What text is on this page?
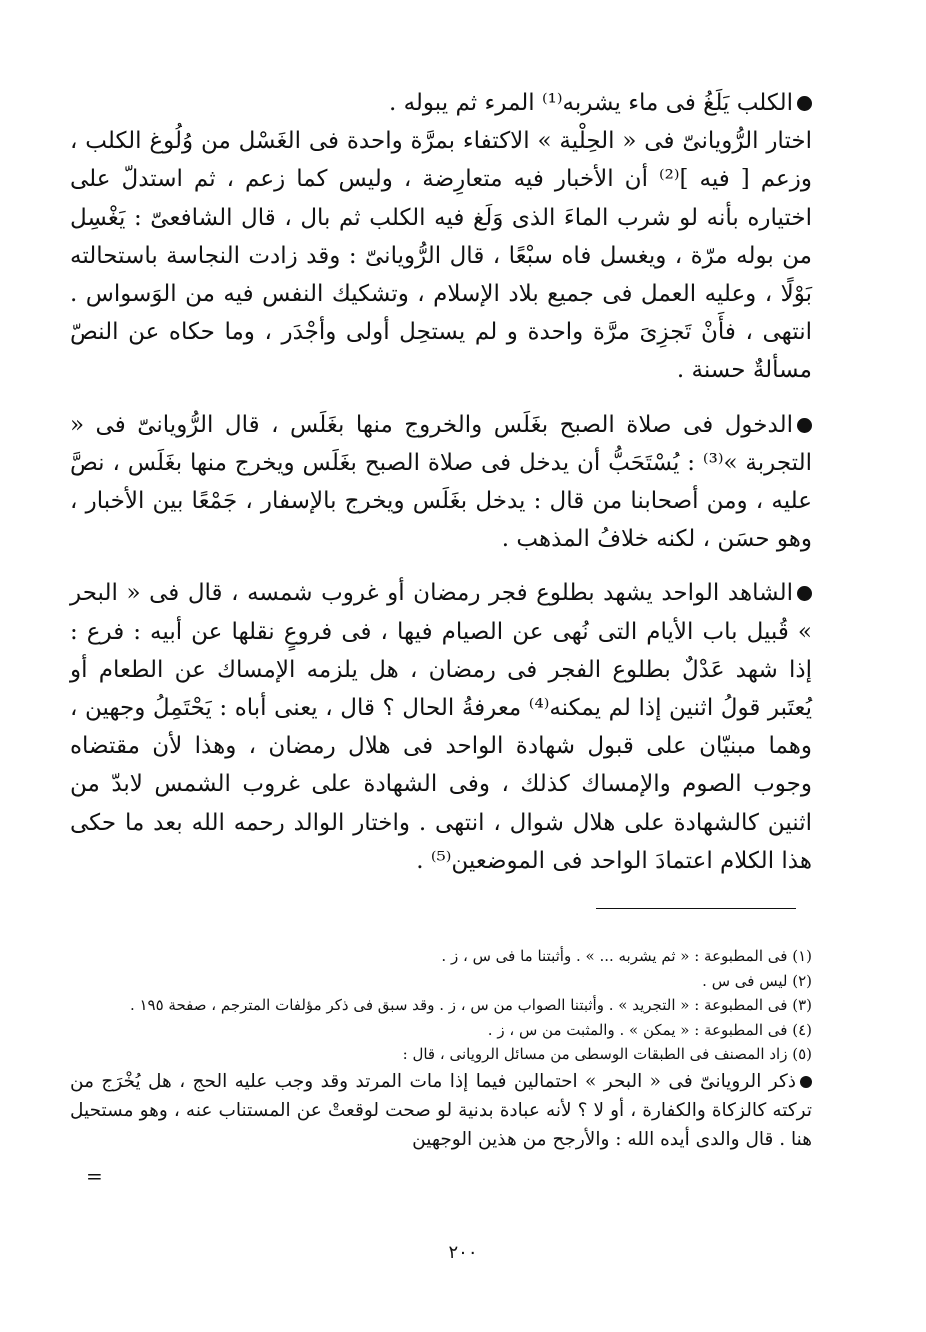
الكلب يَلَغُ فى ماء يشربه⁽¹⁾ المرء ثم يبوله .

اختار الرُّويانىّ فى « الحِلْية » الاكتفاء بمرَّة واحدة فى الغَسْل من وُلُوغ الكلب ، وزعم [ فيه ]⁽²⁾ أن الأخبار فيه متعارِضة ، وليس كما زعم ، ثم استدلّ على اختياره بأنه لو شرب الماءَ الذى وَلَغ فيه الكلب ثم بال ، قال الشافعىّ : يَغْسِل من بوله مرّة ، ويغسل فاه سبْعًا ، قال الرُّويانىّ : وقد زادت النجاسة باستحالته بَوْلًا ، وعليه العمل فى جميع بلاد الإسلام ، وتشكيك النفس فيه من الوَسواس . انتهى ، فأَنْ تَجزِىَ مرَّة واحدة و لم يستحِل أولى وأجْدَر ، وما حكاه عن النصّ مسألةٌ حسنة .

الدخول فى صلاة الصبح بغَلَس والخروج منها بغَلَس ، قال الرُّويانىّ فى « التجربة »⁽³⁾ : يُسْتَحَبُّ أن يدخل فى صلاة الصبح بغَلَس ويخرج منها بغَلَس ، نصَّ عليه ، ومن أصحابنا من قال : يدخل بغَلَس ويخرج بالإسفار ، جَمْعًا بين الأخبار ، وهو حسَن ، لكنه خلافُ المذهب .

الشاهد الواحد يشهد بطلوع فجر رمضان أو غروب شمسه ، قال فى « البحر » قُبيل باب الأيام التى نُهى عن الصيام فيها ، فى فروعٍ نقلها عن أبيه : فرع : إذا شهد عَدْلٌ بطلوع الفجر فى رمضان ، هل يلزمه الإمساك عن الطعام أو يُعتَبر قولُ اثنين إذا لم يمكنه⁽⁴⁾ معرفةُ الحال ؟ قال ، يعنى أباه : يَحْتَمِلُ وجهين ، وهما مبنيّان على قبول شهادة الواحد فى هلال رمضان ، وهذا لأن مقتضاه وجوب الصوم والإمساك كذلك ، وفى الشهادة على غروب الشمس لابدّ من اثنين كالشهادة على هلال شوال ، انتهى . واختار الوالد رحمه الله بعد ما حكى هذا الكلام اعتمادَ الواحد فى الموضعين⁽⁵⁾ .

(١) فى المطبوعة : « ثم يشربه ... » . وأثبتنا ما فى س ، ز .
(٢) ليس فى س .
(٣) فى المطبوعة : « التجريد » . وأثبتنا الصواب من س ، ز . وقد سبق فى ذكر مؤلفات المترجم ، صفحة ١٩٥ .
(٤) فى المطبوعة : « يمكن » . والمثبت من س ، ز .
(٥) زاد المصنف فى الطبقات الوسطى من مسائل الرويانى ، قال :
ذكر الرويانىّ فى « البحر » احتمالين فيما إذا مات المرتد وقد وجب عليه الحج ، هل يُخْرَج من تركته كالزكاة والكفارة ، أو لا ؟ لأنه عبادة بدنية لو صحت لوقعتْ عن المستناب عنه ، وهو مستحيل هنا . قال والدى أيده الله : والأرجح من هذين الوجهين
=
٢٠٠
